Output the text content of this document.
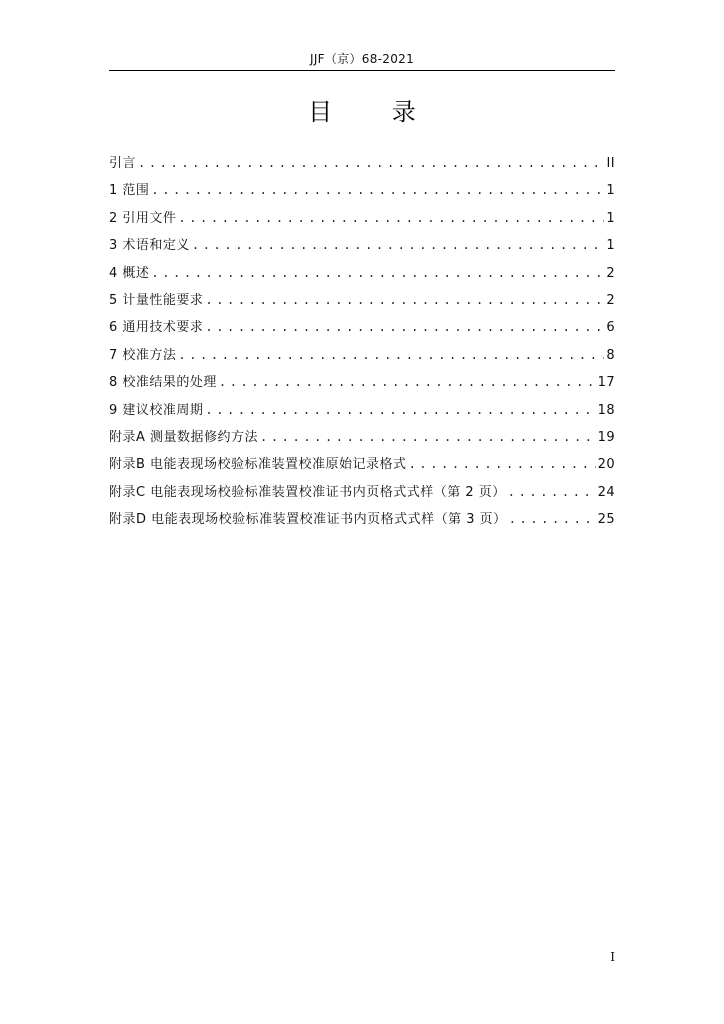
JJF（京）68-2021
目 录
引言 .....	II
1 范围 .....	1
2 引用文件 .....	1
3 术语和定义 .....	1
4 概述 .....	2
5 计量性能要求 .....	2
6 通用技术要求 .....	6
7 校准方法 .....	8
8 校准结果的处理 .....	17
9 建议校准周期 .....	18
附录A 测量数据修约方法 .....	19
附录B 电能表现场校验标准装置校准原始记录格式 .....	20
附录C 电能表现场校验标准装置校准证书内页格式式样（第 2 页） .....	24
附录D 电能表现场校验标准装置校准证书内页格式式样（第 3 页） .....	25
I
